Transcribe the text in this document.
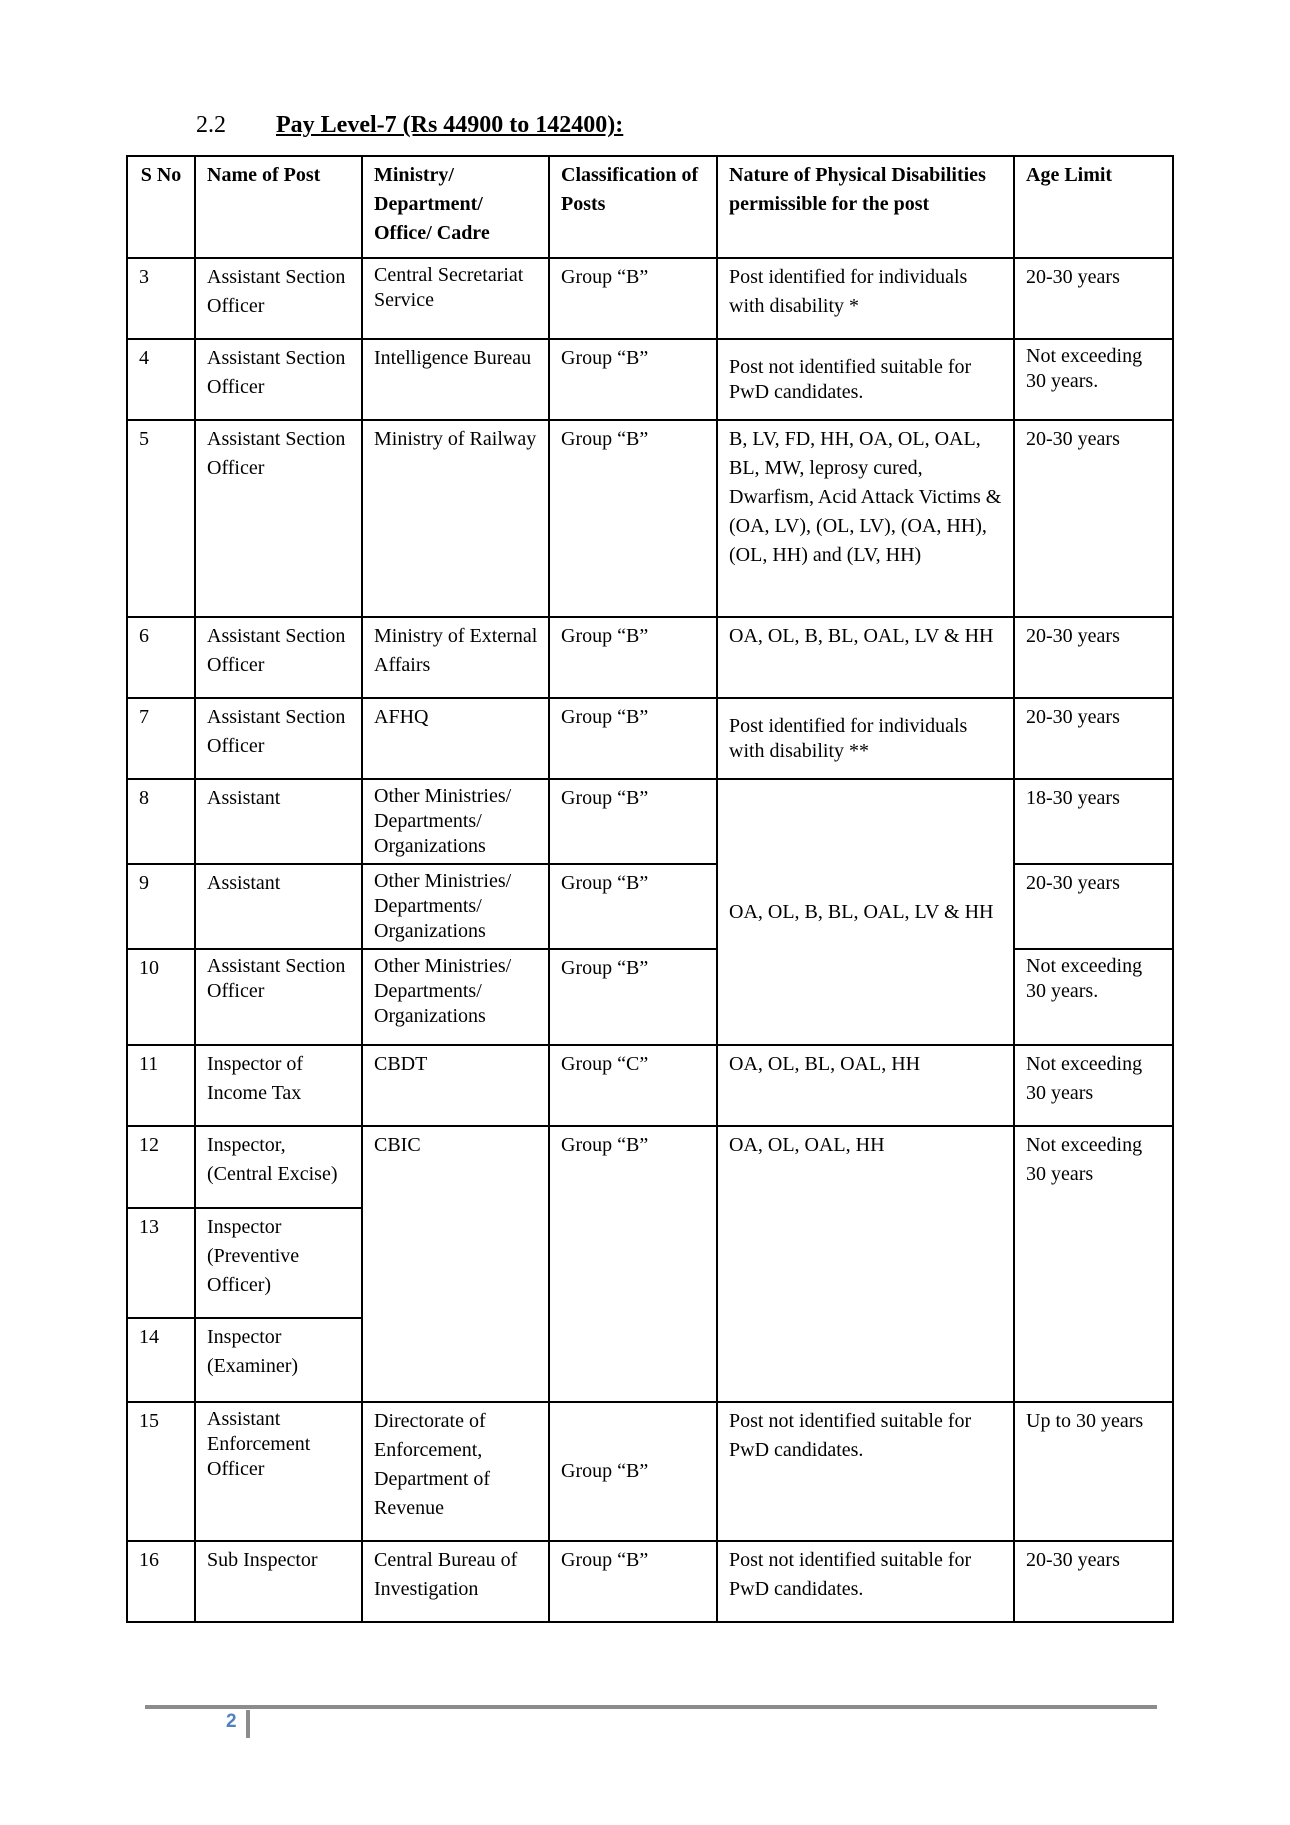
2.2 Pay Level-7 (Rs 44900 to 142400):
S No	Name of Post	Ministry/ Department/ Office/ Cadre	Classification of Posts	Nature of Physical Disabilities permissible for the post	Age Limit
3	Assistant Section Officer	Central Secretariat Service	Group “B”	Post identified for individuals with disability *	20-30 years
4	Assistant Section Officer	Intelligence Bureau	Group “B”	Post not identified suitable for PwD candidates.	Not exceeding 30 years.
5	Assistant Section Officer	Ministry of Railway	Group “B”	B, LV, FD, HH, OA, OL, OAL, BL, MW, leprosy cured, Dwarfism, Acid Attack Victims & (OA, LV), (OL, LV), (OA, HH), (OL, HH) and (LV, HH)	20-30 years
6	Assistant Section Officer	Ministry of External Affairs	Group “B”	OA, OL, B, BL, OAL, LV & HH	20-30 years
7	Assistant Section Officer	AFHQ	Group “B”	Post identified for individuals with disability **	20-30 years
8	Assistant	Other Ministries/ Departments/ Organizations	Group “B”	OA, OL, B, BL, OAL, LV & HH	18-30 years
9	Assistant	Other Ministries/ Departments/ Organizations	Group “B”		20-30 years
10	Assistant Section Officer	Other Ministries/ Departments/ Organizations	Group “B”		Not exceeding 30 years.
11	Inspector of Income Tax	CBDT	Group “C”	OA, OL, BL, OAL, HH	Not exceeding 30 years
12	Inspector, (Central Excise)	CBIC	Group “B”	OA, OL, OAL, HH	Not exceeding 30 years
13	Inspector (Preventive Officer)				
14	Inspector (Examiner)				
15	Assistant Enforcement Officer	Directorate of Enforcement, Department of Revenue	Group “B”	Post not identified suitable for PwD candidates.	Up to 30 years
16	Sub Inspector	Central Bureau of Investigation	Group “B”	Post not identified suitable for PwD candidates.	20-30 years
2
